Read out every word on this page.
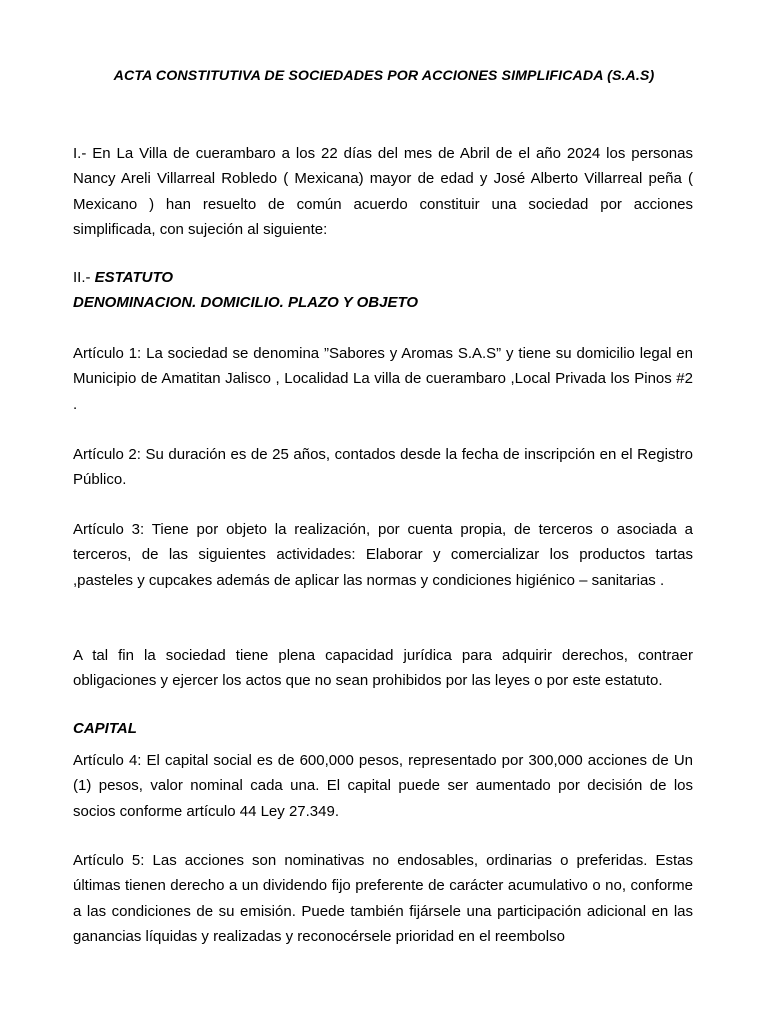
ACTA CONSTITUTIVA DE SOCIEDADES POR ACCIONES SIMPLIFICADA (S.A.S)
I.- En La Villa de cuerambaro a los 22 días del mes de Abril de el año 2024 los personas Nancy Areli Villarreal Robledo ( Mexicana) mayor de edad y José Alberto Villarreal peña ( Mexicano ) han resuelto de común acuerdo constituir una sociedad por acciones simplificada, con sujeción al siguiente:
II.- ESTATUTO
DENOMINACION. DOMICILIO. PLAZO Y OBJETO
Artículo 1: La sociedad se denomina ”Sabores y Aromas S.A.S” y tiene su domicilio legal en Municipio de Amatitan Jalisco , Localidad La villa de cuerambaro ,Local Privada los Pinos #2 .
Artículo 2: Su duración es de 25 años, contados desde la fecha de inscripción en el Registro Público.
Artículo 3: Tiene por objeto la realización, por cuenta propia, de terceros o asociada a terceros, de las siguientes actividades: Elaborar y comercializar los productos tartas ,pasteles y cupcakes además de aplicar las normas y condiciones higiénico – sanitarias .
A tal fin la sociedad tiene plena capacidad jurídica para adquirir derechos, contraer obligaciones y ejercer los actos que no sean prohibidos por las leyes o por este estatuto.
CAPITAL
Artículo 4: El capital social es de 600,000 pesos, representado por 300,000 acciones de Un (1) pesos, valor nominal cada una. El capital puede ser aumentado por decisión de los socios conforme artículo 44 Ley 27.349.
Artículo 5: Las acciones son nominativas no endosables, ordinarias o preferidas. Estas últimas tienen derecho a un dividendo fijo preferente de carácter acumulativo o no, conforme a las condiciones de su emisión. Puede también fijársele una participación adicional en las ganancias líquidas y realizadas y reconocérsele prioridad en el reembolso
